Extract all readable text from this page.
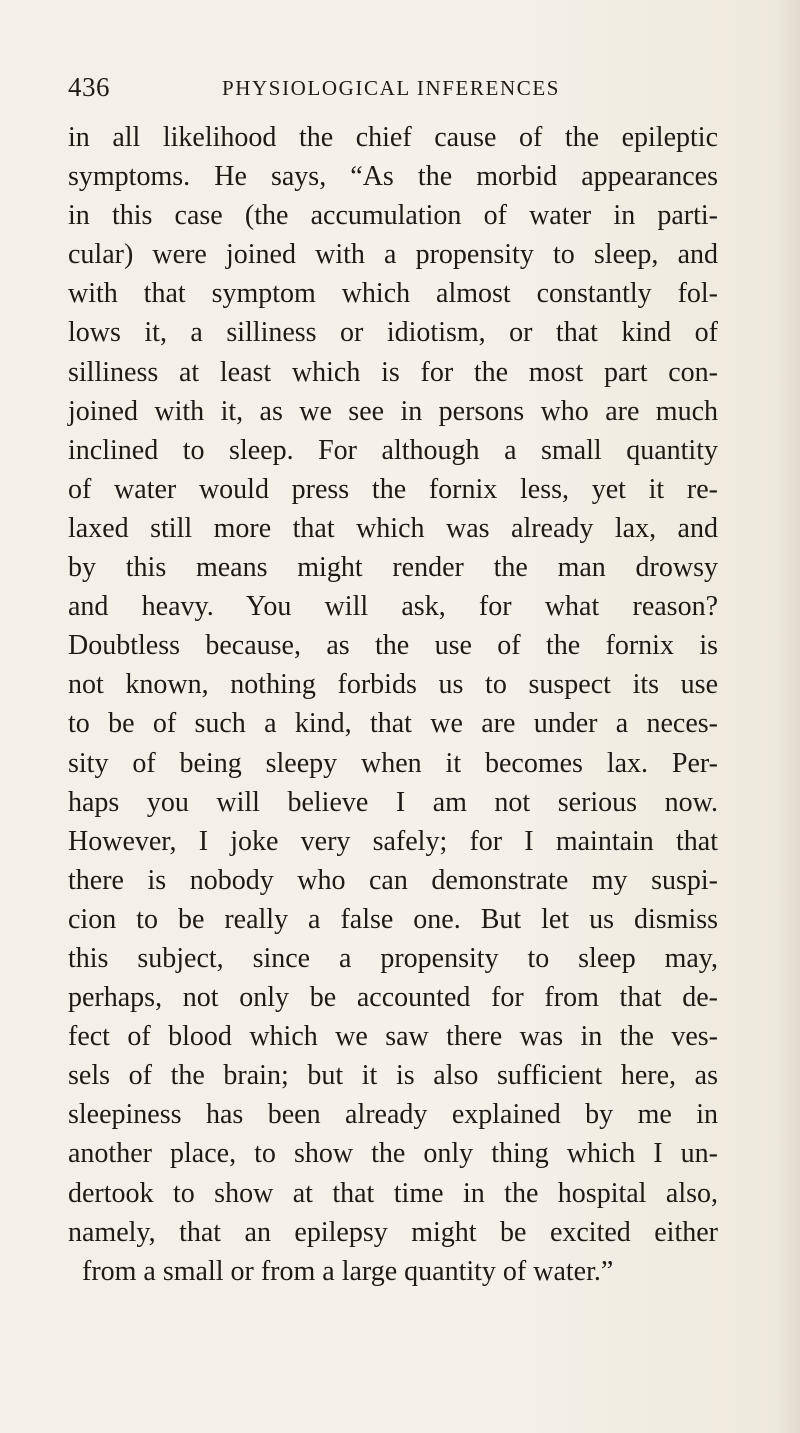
436	PHYSIOLOGICAL INFERENCES
in all likelihood the chief cause of the epileptic
symptoms. He says, “As the morbid appearances
in this case (the accumulation of water in parti-
cular) were joined with a propensity to sleep, and
with that symptom which almost constantly fol-
lows it, a silliness or idiotism, or that kind of
silliness at least which is for the most part con-
joined with it, as we see in persons who are much
inclined to sleep. For although a small quantity
of water would press the fornix less, yet it re-
laxed still more that which was already lax, and
by this means might render the man drowsy
and heavy. You will ask, for what reason?
Doubtless because, as the use of the fornix is
not known, nothing forbids us to suspect its use
to be of such a kind, that we are under a neces-
sity of being sleepy when it becomes lax. Per-
haps you will believe I am not serious now.
However, I joke very safely; for I maintain that
there is nobody who can demonstrate my suspi-
cion to be really a false one. But let us dismiss
this subject, since a propensity to sleep may,
perhaps, not only be accounted for from that de-
fect of blood which we saw there was in the ves-
sels of the brain; but it is also sufficient here, as
sleepiness has been already explained by me in
another place, to show the only thing which I un-
dertook to show at that time in the hospital also,
namely, that an epilepsy might be excited either
from a small or from a large quantity of water.”
